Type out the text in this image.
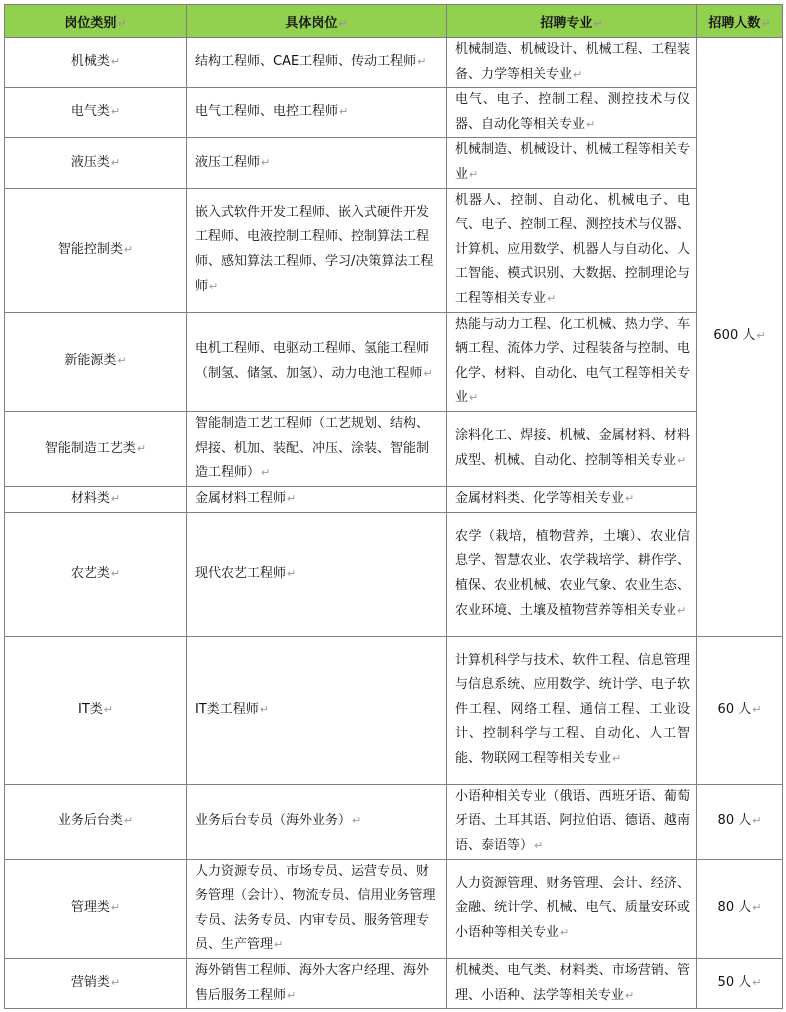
岗位类别↵	具体岗位↵	招聘专业↵	招聘人数↵
机械类↵	结构工程师、CAE工程师、传动工程师↵	机械制造、机械设计、机械工程、工程装备、力学等相关专业↵	600 人↵
电气类↵	电气工程师、电控工程师↵	电气、电子、控制工程、测控技术与仪器、自动化等相关专业↵	
液压类↵	液压工程师↵	机械制造、机械设计、机械工程等相关专业↵	
智能控制类↵	嵌入式软件开发工程师、嵌入式硬件开发工程师、电液控制工程师、控制算法工程师、感知算法工程师、学习/决策算法工程师↵	机器人、控制、自动化、机械电子、电气、电子、控制工程、测控技术与仪器、计算机、应用数学、机器人与自动化、人工智能、模式识别、大数据、控制理论与工程等相关专业↵	
新能源类↵	电机工程师、电驱动工程师、氢能工程师（制氢、储氢、加氢）、动力电池工程师↵	热能与动力工程、化工机械、热力学、车辆工程、流体力学、过程装备与控制、电化学、材料、自动化、电气工程等相关专业↵	
智能制造工艺类↵	智能制造工艺工程师（工艺规划、结构、焊接、机加、装配、冲压、涂装、智能制造工程师）↵	涂料化工、焊接、机械、金属材料、材料成型、机械、自动化、控制等相关专业↵	
材料类↵	金属材料工程师↵	金属材料类、化学等相关专业↵	
农艺类↵	现代农艺工程师↵	农学（栽培，植物营养，土壤）、农业信息学、智慧农业、农学栽培学、耕作学、植保、农业机械、农业气象、农业生态、农业环境、土壤及植物营养等相关专业↵	
IT类↵	IT类工程师↵	计算机科学与技术、软件工程、信息管理与信息系统、应用数学、统计学、电子软件工程、网络工程、通信工程、工业设计、控制科学与工程、自动化、人工智能、物联网工程等相关专业↵	60 人↵
业务后台类↵	业务后台专员（海外业务）↵	小语种相关专业（俄语、西班牙语、葡萄牙语、土耳其语、阿拉伯语、德语、越南语、泰语等）↵	80 人↵
管理类↵	人力资源专员、市场专员、运营专员、财务管理（会计）、物流专员、信用业务管理专员、法务专员、内审专员、服务管理专员、生产管理↵	人力资源管理、财务管理、会计、经济、金融、统计学、机械、电气、质量安环或小语种等相关专业↵	80 人↵
营销类↵	海外销售工程师、海外大客户经理、海外售后服务工程师↵	机械类、电气类、材料类、市场营销、管理、小语种、法学等相关专业↵	50 人↵
